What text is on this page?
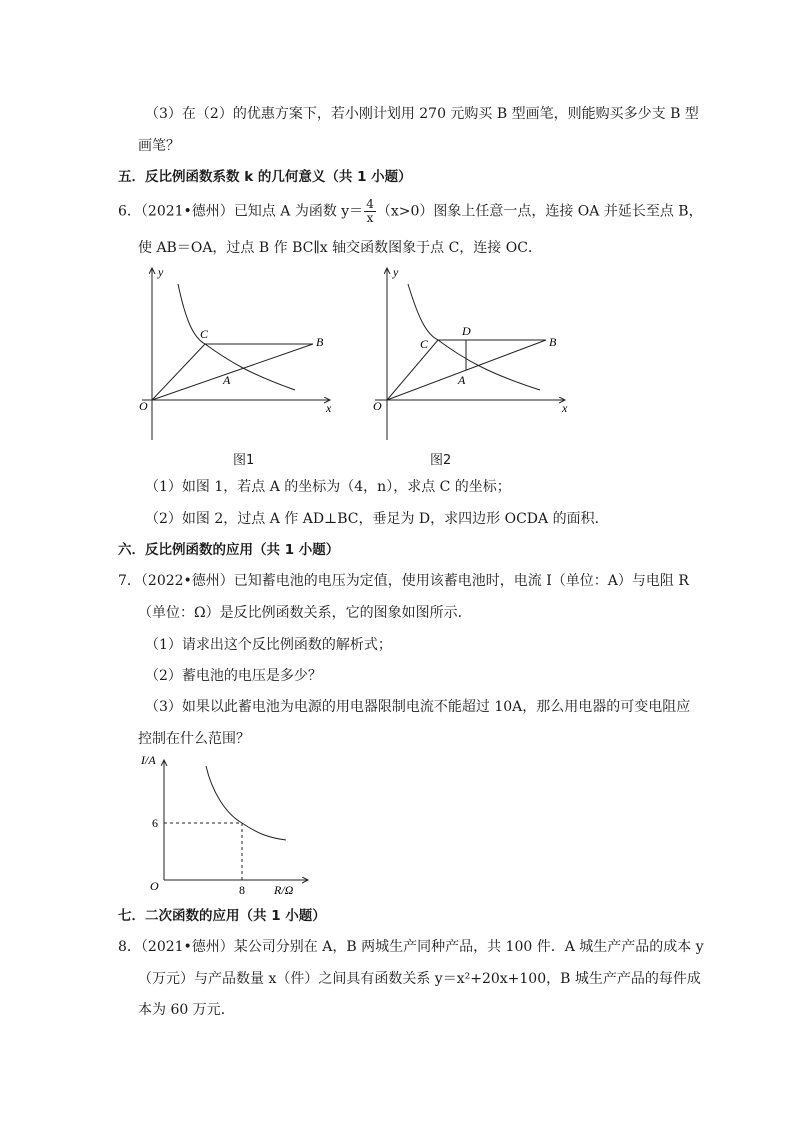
（3）在（2）的优惠方案下，若小刚计划用 270 元购买 B 型画笔，则能购买多少支 B 型
画笔？
五．反比例函数系数 k 的几何意义（共 1 小题）
6．（2021•德州）已知点 A 为函数 $y= \frac{4}{x} (x>0)$图象上任意一点，连接 OA 并延长至点 B，
使 AB＝OA，过点 B 作 BC∥x 轴交函数图象于点 C，连接 OC．
y
x
O
C
B
A
图1
y
x
O
C
D
B
A
图2
（1）如图 1，若点 A 的坐标为（4，n），求点 C 的坐标；
（2）如图 2，过点 A 作 AD⊥BC，垂足为 D，求四边形 OCDA 的面积．
六．反比例函数的应用（共 1 小题）
7．（2022•德州）已知蓄电池的电压为定值，使用该蓄电池时，电流 I（单位：A）与电阻 R
（单位：Ω）是反比例函数关系，它的图象如图所示．
（1）请求出这个反比例函数的解析式；
（2）蓄电池的电压是多少？
（3）如果以此蓄电池为电源的用电器限制电流不能超过 10A，那么用电器的可变电阻应
控制在什么范围？
I/A
R/Ω
O
6
8
七．二次函数的应用（共 1 小题）
8．（2021•德州）某公司分别在 A，B 两城生产同种产品，共 100 件．A 城生产产品的成本 y
（万元）与产品数量 x（件）之间具有函数关系 y＝x²+20x+100，B 城生产产品的每件成
本为 60 万元．
